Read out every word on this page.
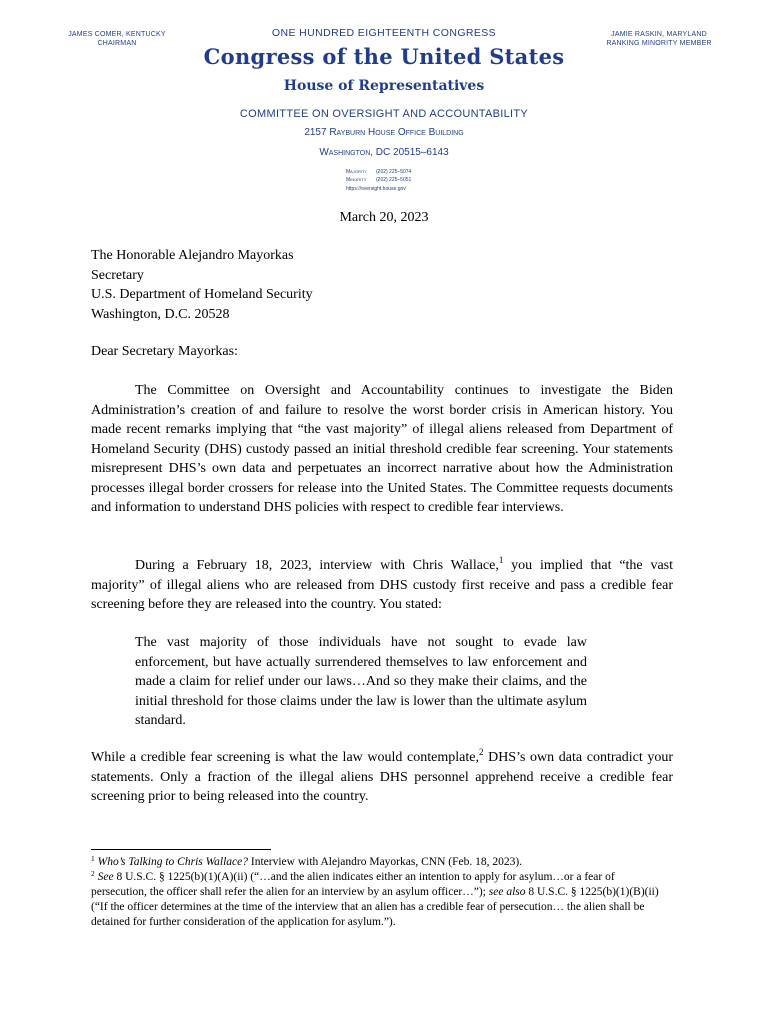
JAMES COMER, KENTUCKY
CHAIRMAN
JAMIE RASKIN, MARYLAND
RANKING MINORITY MEMBER
ONE HUNDRED EIGHTEENTH CONGRESS
Congress of the United States
House of Representatives
COMMITTEE ON OVERSIGHT AND ACCOUNTABILITY
2157 Rayburn House Office Building
Washington, DC 20515–6143
Majority (202) 225–5074
Minority (202) 225–5051
https://oversight.house.gov
March 20, 2023
The Honorable Alejandro Mayorkas
Secretary
U.S. Department of Homeland Security
Washington, D.C. 20528
Dear Secretary Mayorkas:
The Committee on Oversight and Accountability continues to investigate the Biden Administration’s creation of and failure to resolve the worst border crisis in American history. You made recent remarks implying that “the vast majority” of illegal aliens released from Department of Homeland Security (DHS) custody passed an initial threshold credible fear screening. Your statements misrepresent DHS’s own data and perpetuates an incorrect narrative about how the Administration processes illegal border crossers for release into the United States. The Committee requests documents and information to understand DHS policies with respect to credible fear interviews.
During a February 18, 2023, interview with Chris Wallace,$^1$ you implied that “the vast majority” of illegal aliens who are released from DHS custody first receive and pass a credible fear screening before they are released into the country. You stated:
The vast majority of those individuals have not sought to evade law enforcement, but have actually surrendered themselves to law enforcement and made a claim for relief under our laws…And so they make their claims, and the initial threshold for those claims under the law is lower than the ultimate asylum standard.
While a credible fear screening is what the law would contemplate,$^2$ DHS’s own data contradict your statements. Only a fraction of the illegal aliens DHS personnel apprehend receive a credible fear screening prior to being released into the country.

$^1$ Who’s Talking to Chris Wallace? Interview with Alejandro Mayorkas, CNN (Feb. 18, 2023).

$^2$ See 8 U.S.C. § 1225(b)(1)(A)(ii) (“…and the alien indicates either an intention to apply for asylum…or a fear of persecution, the officer shall refer the alien for an interview by an asylum officer…”); see also 8 U.S.C. § 1225(b)(1)(B)(ii) (“If the officer determines at the time of the interview that an alien has a credible fear of persecution… the alien shall be detained for further consideration of the application for asylum.”).
